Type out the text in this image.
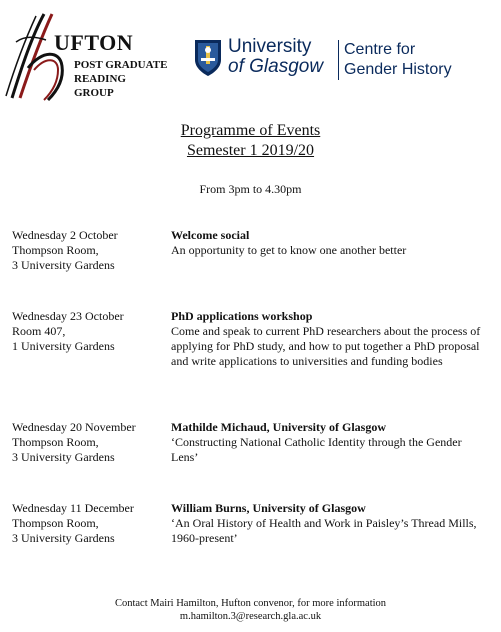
UFTON
POST GRADUATE
READING
GROUP
University
of Glasgow
Centre for
Gender History
Programme of Events
Semester 1 2019/20
From 3pm to 4.30pm
Wednesday 2 October
Thompson Room,
3 University Gardens
Welcome social
An opportunity to get to know one another better
Wednesday 23 October
Room 407,
1 University Gardens
PhD applications workshop
Come and speak to current PhD researchers about the process of applying for PhD study, and how to put together a PhD proposal and write applications to universities and funding bodies
Wednesday 20 November
Thompson Room,
3 University Gardens
Mathilde Michaud, University of Glasgow
‘Constructing National Catholic Identity through the Gender Lens’
Wednesday 11 December
Thompson Room,
3 University Gardens
William Burns, University of Glasgow
‘An Oral History of Health and Work in Paisley’s Thread Mills, 1960-present’
Contact Mairi Hamilton, Hufton convenor, for more information
m.hamilton.3@research.gla.ac.uk
